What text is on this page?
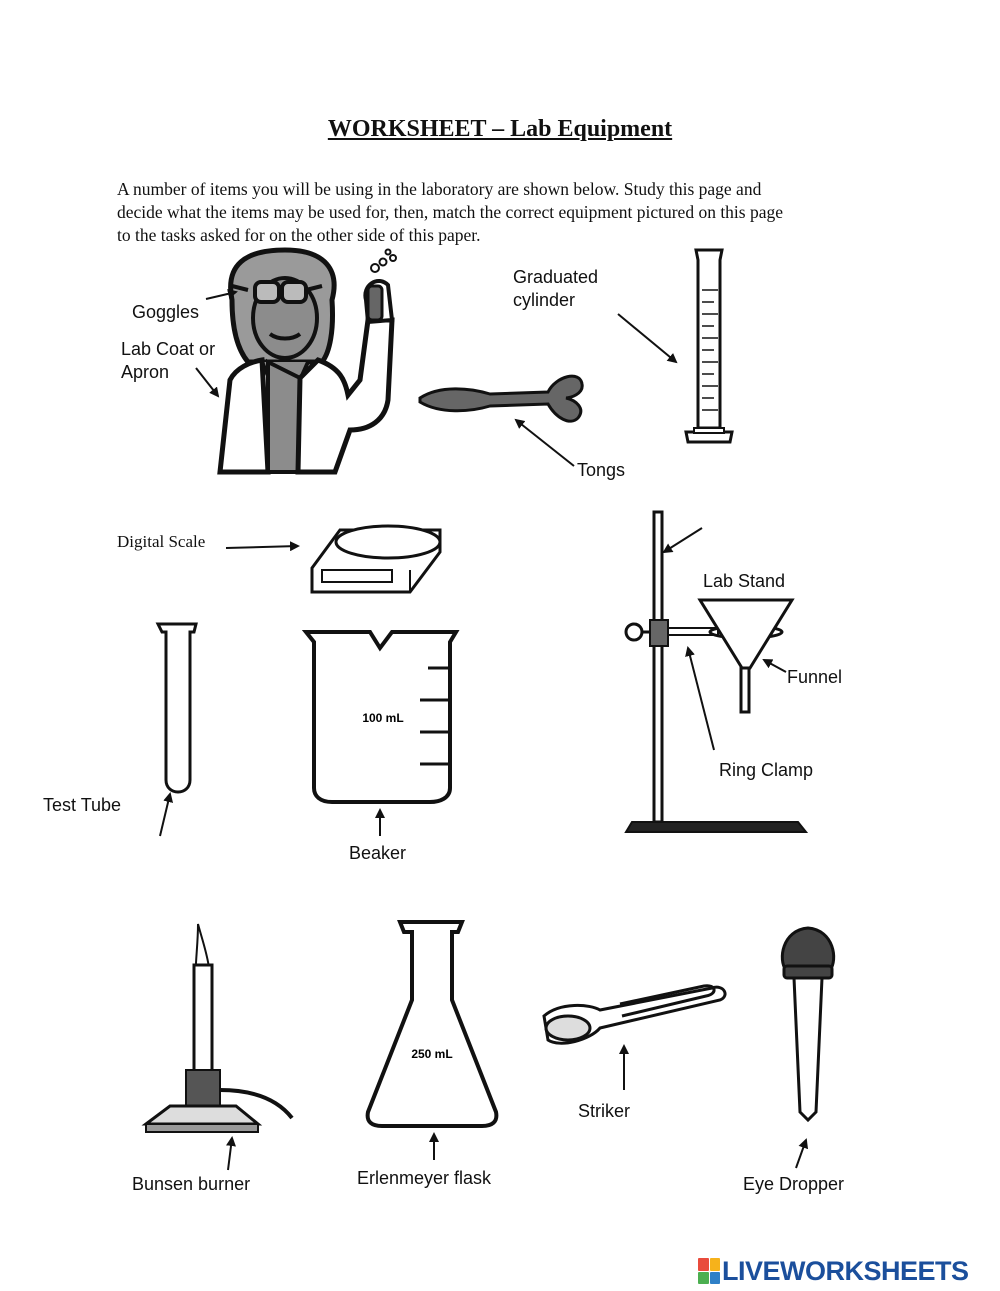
WORKSHEET – Lab Equipment
A number of items you will be using in the laboratory are shown below. Study this page and
decide what the items may be used for, then, match the correct equipment pictured on this page
to the tasks asked for on the other side of this paper.
100 mL
250 mL
Goggles
Lab Coat or
Apron
Graduated
cylinder
Tongs
Digital Scale
Lab Stand
Funnel
Ring Clamp
Test Tube
Beaker
Bunsen burner	Erlenmeyer flask
Striker
Eye Dropper
LIVEWORKSHEETS
